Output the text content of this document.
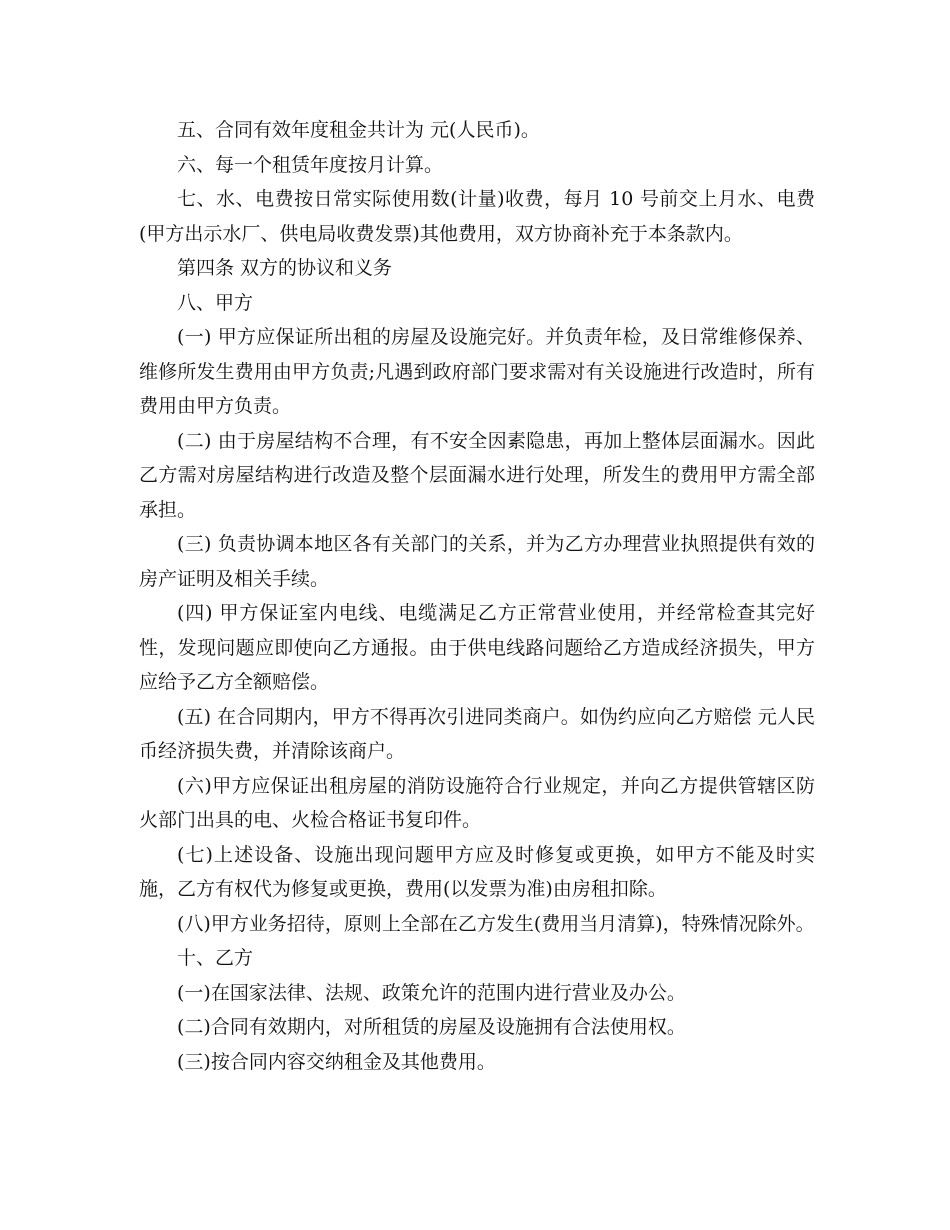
五、合同有效年度租金共计为 元(人民币)。

六、每一个租赁年度按月计算。

七、水、电费按日常实际使用数(计量)收费，每月 10 号前交上月水、电费(甲方出示水厂、供电局收费发票)其他费用，双方协商补充于本条款内。

第四条 双方的协议和义务

八、甲方

(一) 甲方应保证所出租的房屋及设施完好。并负责年检，及日常维修保养、维修所发生费用由甲方负责;凡遇到政府部门要求需对有关设施进行改造时，所有费用由甲方负责。

(二) 由于房屋结构不合理，有不安全因素隐患，再加上整体层面漏水。因此乙方需对房屋结构进行改造及整个层面漏水进行处理，所发生的费用甲方需全部承担。

(三) 负责协调本地区各有关部门的关系，并为乙方办理营业执照提供有效的房产证明及相关手续。

(四) 甲方保证室内电线、电缆满足乙方正常营业使用，并经常检查其完好性，发现问题应即使向乙方通报。由于供电线路问题给乙方造成经济损失，甲方应给予乙方全额赔偿。

(五) 在合同期内，甲方不得再次引进同类商户。如伪约应向乙方赔偿 元人民币经济损失费，并清除该商户。

(六)甲方应保证出租房屋的消防设施符合行业规定，并向乙方提供管辖区防火部门出具的电、火检合格证书复印件。

(七)上述设备、设施出现问题甲方应及时修复或更换，如甲方不能及时实施，乙方有权代为修复或更换，费用(以发票为准)由房租扣除。

(八)甲方业务招待，原则上全部在乙方发生(费用当月清算)，特殊情况除外。

十、乙方

(一)在国家法律、法规、政策允许的范围内进行营业及办公。

(二)合同有效期内，对所租赁的房屋及设施拥有合法使用权。

(三)按合同内容交纳租金及其他费用。
